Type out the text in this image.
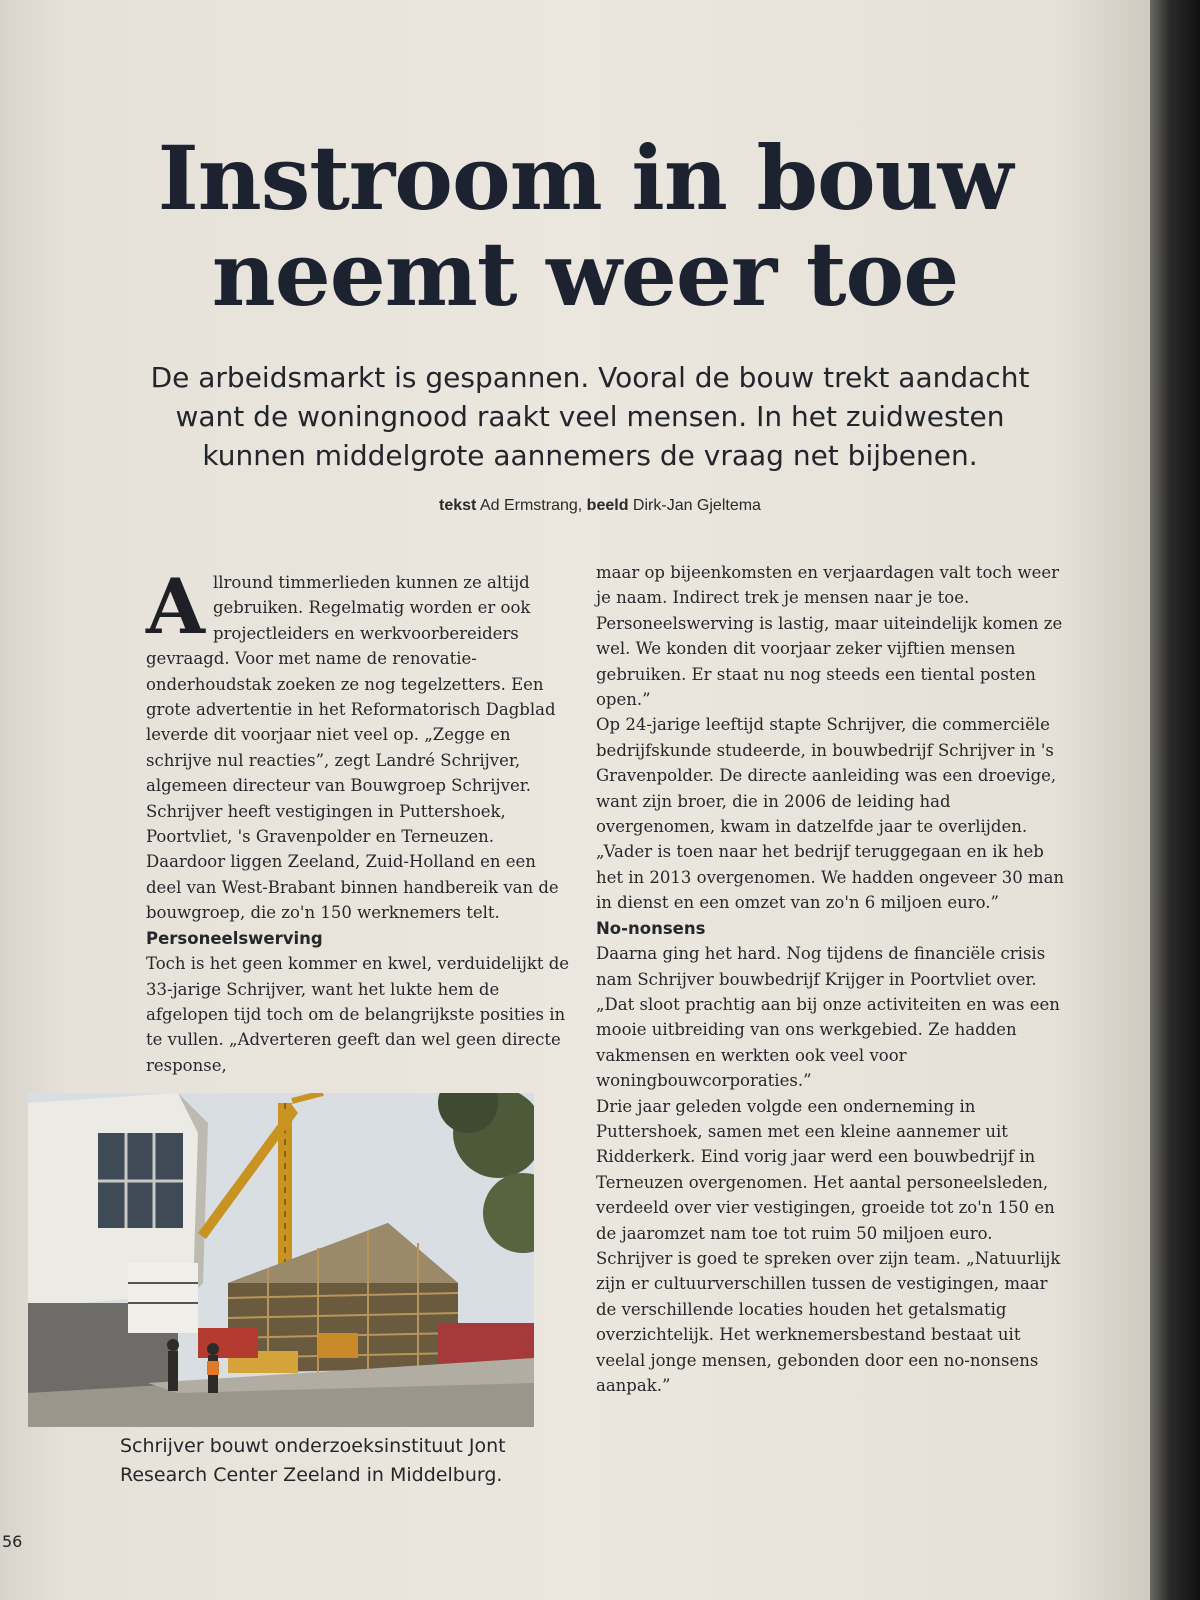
Instroom in bouw
neemt weer toe

De arbeidsmarkt is gespannen. Vooral de bouw trekt aandacht want de woningnood raakt veel mensen. In het zuidwesten kunnen middelgrote aannemers de vraag net bijbenen.

tekst Ad Ermstrang, beeld Dirk-Jan Gjeltema
A llround timmerlieden kunnen ze altijd gebruiken. Regelmatig worden er ook projectleiders en werkvoorbereiders gevraagd. Voor met name de renovatie- onderhoudstak zoeken ze nog tegelzetters. Een grote advertentie in het Reformatorisch Dagblad leverde dit voorjaar niet veel op. „Zegge en schrijve nul reacties”, zegt Landré Schrijver, algemeen directeur van Bouwgroep Schrijver.

Schrijver heeft vestigingen in Puttershoek, Poortvliet, 's Gravenpolder en Terneuzen. Daardoor liggen Zeeland, Zuid-Holland en een deel van West-Brabant binnen handbereik van de bouwgroep, die zo'n 150 werknemers telt.

Personeelswerving

Toch is het geen kommer en kwel, verduidelijkt de 33-jarige Schrijver, want het lukte hem de afgelopen tijd toch om de belangrijkste posities in te vullen. „Adverteren geeft dan wel geen directe response,

maar op bijeenkomsten en verjaardagen valt toch weer je naam. Indirect trek je mensen naar je toe. Personeelswerving is lastig, maar uiteindelijk komen ze wel. We konden dit voorjaar zeker vijftien mensen gebruiken. Er staat nu nog steeds een tiental posten open.”

Op 24-jarige leeftijd stapte Schrijver, die commerciële bedrijfskunde studeerde, in bouwbedrijf Schrijver in 's Gravenpolder. De directe aanleiding was een droevige, want zijn broer, die in 2006 de leiding had overgenomen, kwam in datzelfde jaar te overlijden. „Vader is toen naar het bedrijf teruggegaan en ik heb het in 2013 overgenomen. We hadden ongeveer 30 man in dienst en een omzet van zo'n 6 miljoen euro.”

No-nonsens

Daarna ging het hard. Nog tijdens de financiële crisis nam Schrijver bouwbedrijf Krijger in Poortvliet over. „Dat sloot prachtig aan bij onze activiteiten en was een mooie uitbreiding van ons werkgebied. Ze hadden vakmensen en werkten ook veel voor woningbouwcorporaties.”

Drie jaar geleden volgde een onderneming in Puttershoek, samen met een kleine aannemer uit Ridderkerk. Eind vorig jaar werd een bouwbedrijf in Terneuzen overgenomen. Het aantal personeelsleden, verdeeld over vier vestigingen, groeide tot zo'n 150 en de jaaromzet nam toe tot ruim 50 miljoen euro.

Schrijver is goed te spreken over zijn team. „Natuurlijk zijn er cultuurverschillen tussen de vestigingen, maar de verschillende locaties houden het getalsmatig overzichtelijk. Het werknemersbestand bestaat uit veelal jonge mensen, gebonden door een no-nonsens aanpak.”

Schrijver bouwt onderzoeksinstituut Jont Research Center Zeeland in Middelburg.
56
